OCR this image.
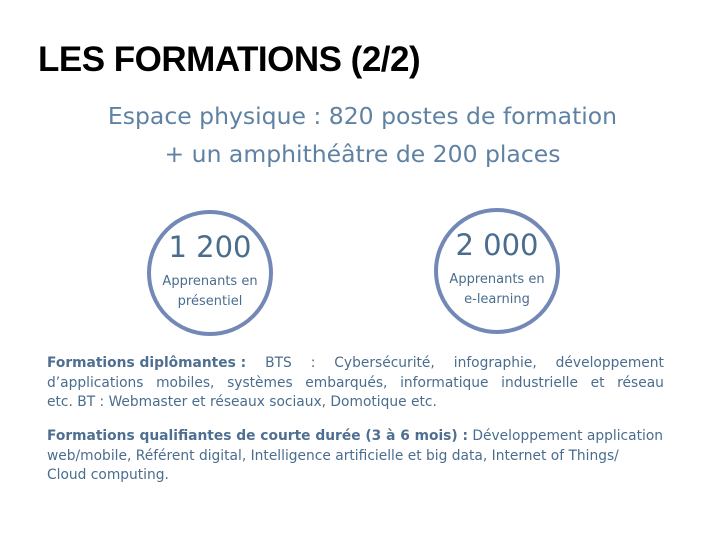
LES FORMATIONS (2/2)
Espace physique : 820 postes de formation
+ un amphithéâtre de 200 places
1 200
Apprenants en
présentiel
2 000
Apprenants en
e-learning
Formations diplômantes : BTS : Cybersécurité, infographie, développement
d’applications mobiles, systèmes embarqués, informatique industrielle et réseau
etc. BT : Webmaster et réseaux sociaux, Domotique etc.
Formations qualifiantes de courte durée (3 à 6 mois) : Développement application
web/mobile, Référent digital, Intelligence artificielle et big data, Internet of Things/
Cloud computing.
